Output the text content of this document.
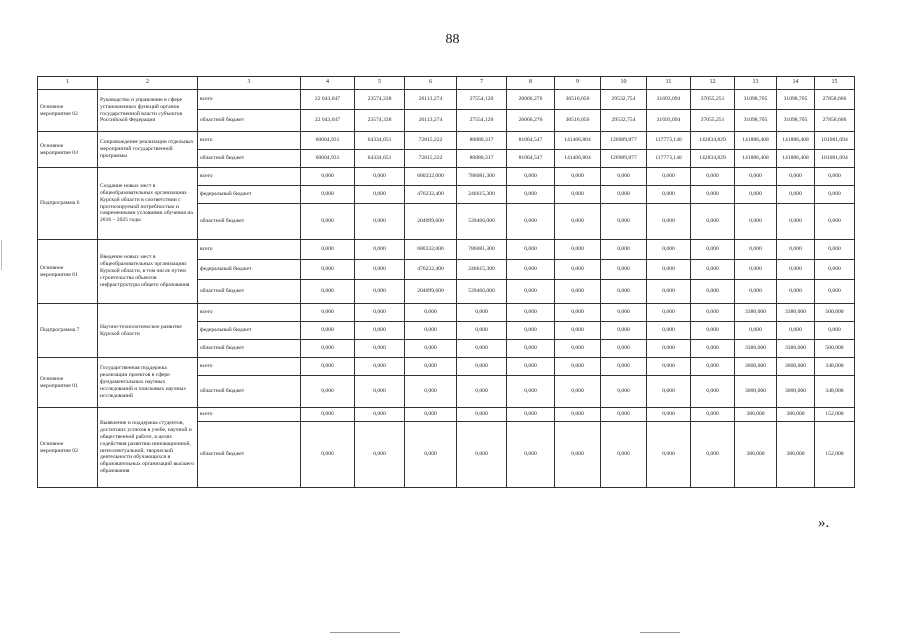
88
1	2	3	4	5	6	7	8	9	10	11	12	13	14	15
Основное мероприятие 02	Руководство и управление в сфере установленных функций органов государственной власти субъектов Российской Федерации	всего	22 043,047	23574,338	26113,274	27554,120	26066,276	30516,056	29532,754	31693,094	37055,251	31098,705	31098,705	27858,606
		областной бюджет	22 043,047	23574,338	26113,274	27554,120	26066,276	30516,056	29532,754	31693,094	37055,251	31098,705	31098,705	27858,606
Основное мероприятие 03	Сопровождение реализации отдельных мероприятий государственной программы	всего	60604,931	64334,651	72815,222	80880,317	81064,547	141406,804	126989,877	117773,140	142834,829	141886,408	141886,408	101081,094
		областной бюджет	60604,931	64334,651	72815,222	80880,317	81064,547	141406,804	126989,877	117773,140	142834,829	141886,408	141886,408	101081,094
Подпрограмма 6	Создание новых мест в общеобразовательных организациях Курской области в соответствии с прогнозируемой потребностью и современными условиями обучения на 2016 – 2025 годы	всего	0,000	0,000	680332,000	786081,300	0,000	0,000	0,000	0,000	0,000	0,000	0,000	0,000
		федеральный бюджет	0,000	0,000	476232,400	246615,300	0,000	0,000	0,000	0,000	0,000	0,000	0,000	0,000
		областной бюджет	0,000	0,000	204099,600	539466,000	0,000	0,000	0,000	0,000	0,000	0,000	0,000	0,000
Основное мероприятие 01	Введение новых мест в общеобразовательных организациях Курской области, в том числе путем строительства объектов инфраструктуры общего образования	всего	0,000	0,000	680332,000	786081,300	0,000	0,000	0,000	0,000	0,000	0,000	0,000	0,000
		федеральный бюджет	0,000	0,000	476232,400	246615,300	0,000	0,000	0,000	0,000	0,000	0,000	0,000	0,000
		областной бюджет	0,000	0,000	204099,600	539466,000	0,000	0,000	0,000	0,000	0,000	0,000	0,000	0,000
Подпрограмма 7	Научно-технологическое развитие Курской области	всего	0,000	0,000	0,000	0,000	0,000	0,000	0,000	0,000	0,000	3380,000	3380,000	500,000
		федеральный бюджет	0,000	0,000	0,000	0,000	0,000	0,000	0,000	0,000	0,000	0,000	0,000	0,000
		областной бюджет	0,000	0,000	0,000	0,000	0,000	0,000	0,000	0,000	0,000	3380,000	3380,000	500,000
Основное мероприятие 01	Государственная поддержка реализации проектов в сфере фундаментальных научных исследований и поисковых научных исследований	всего	0,000	0,000	0,000	0,000	0,000	0,000	0,000	0,000	0,000	3000,000	3000,000	348,000
		областной бюджет	0,000	0,000	0,000	0,000	0,000	0,000	0,000	0,000	0,000	3000,000	3000,000	348,000
Основное мероприятие 02	Выявление и поддержка студентов, достигших успехов в учебе, научной и общественной работе, в целях содействия развитию инновационной, интеллектуальной, творческой деятельности обучающихся в образовательных организаций высшего образования	всего	0,000	0,000	0,000	0,000	0,000	0,000	0,000	0,000	0,000	380,000	380,000	152,000
		областной бюджет	0,000	0,000	0,000	0,000	0,000	0,000	0,000	0,000	0,000	380,000	380,000	152,000
».
